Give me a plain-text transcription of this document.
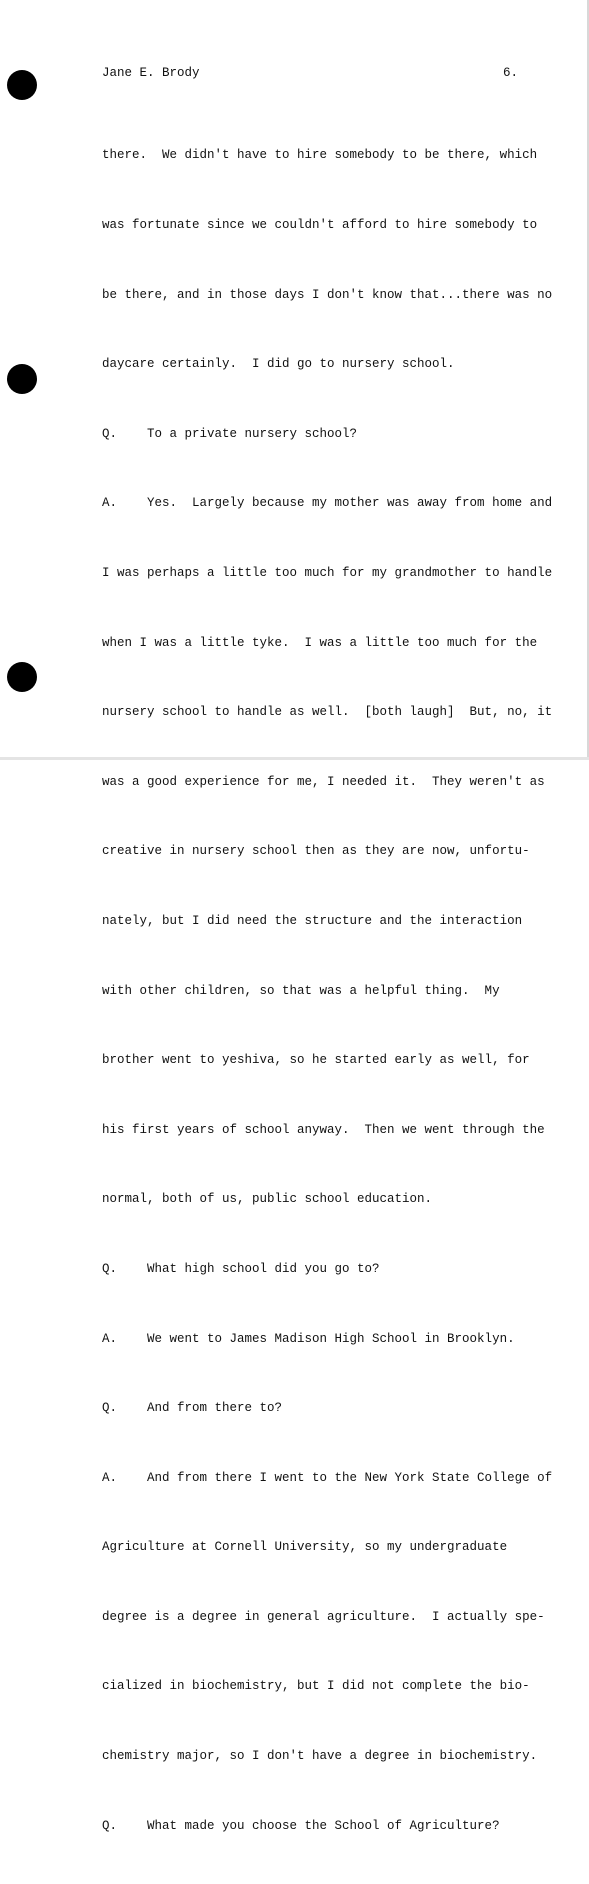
Jane E. Brody	6.

there.  We didn't have to hire somebody to be there, which

was fortunate since we couldn't afford to hire somebody to

be there, and in those days I don't know that...there was no

daycare certainly.  I did go to nursery school.

Q.    To a private nursery school?

A.    Yes.  Largely because my mother was away from home and

I was perhaps a little too much for my grandmother to handle

when I was a little tyke.  I was a little too much for the

nursery school to handle as well.  [both laugh]  But, no, it

was a good experience for me, I needed it.  They weren't as

creative in nursery school then as they are now, unfortu-

nately, but I did need the structure and the interaction

with other children, so that was a helpful thing.  My

brother went to yeshiva, so he started early as well, for

his first years of school anyway.  Then we went through the

normal, both of us, public school education.

Q.    What high school did you go to?

A.    We went to James Madison High School in Brooklyn.

Q.    And from there to?

A.    And from there I went to the New York State College of

Agriculture at Cornell University, so my undergraduate

degree is a degree in general agriculture.  I actually spe-

cialized in biochemistry, but I did not complete the bio-

chemistry major, so I don't have a degree in biochemistry.

Q.    What made you choose the School of Agriculture?
